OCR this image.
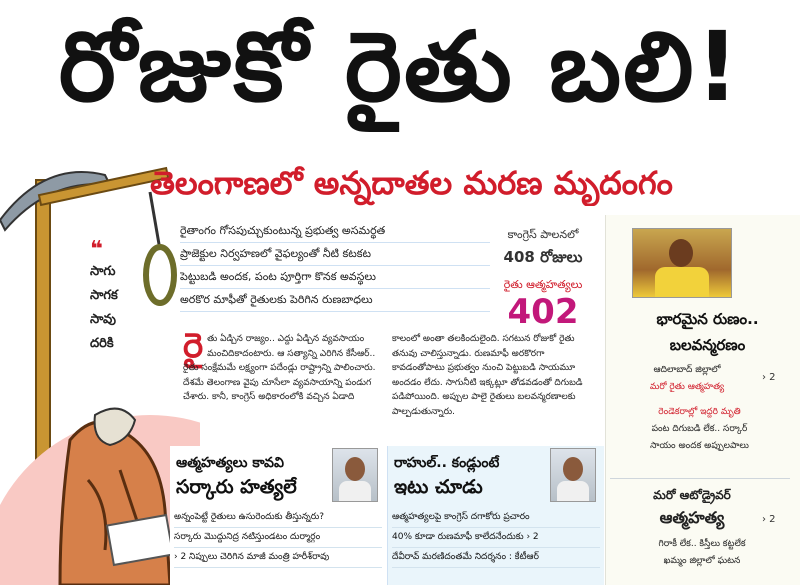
రోజుకో రైతు బలి!
❝
సాగు
సాగక
సావు
దరికి
తెలంగాణలో అన్నదాతల మరణ మృదంగం
రైతాంగం గోసపుచ్చుకుంటున్న ప్రభుత్వ అసమర్థత
ప్రాజెక్టుల నిర్వహణలో వైఫల్యంతో నీటి కటకట
పెట్టుబడి అందక, పంట పూర్తిగా కొనక అవస్థలు
అరకొర మాఫీతో రైతులకు పెరిగిన రుణబాధలు
కాంగ్రెస్ పాలనలో
408 రోజులు
రైతు ఆత్మహత్యలు
402
రై తు ఏడ్చిన రాజ్యం.. ఎద్దు ఏడ్చిన వ్యవసాయం మంచిదికాదంటారు. ఆ సత్యాన్ని ఎరిగిన కేసీఆర్.. రైతు సంక్షేమమే లక్ష్యంగా పదేండ్లు రాష్ట్రాన్ని పాలించారు. దేశమే తెలంగాణ వైపు చూసేలా వ్యవసాయాన్ని పండుగ చేశారు. కానీ, కాంగ్రెస్ అధికారంలోకి వచ్చిన ఏడాది
కాలంలో అంతా తలకిందులైంది. సగటున రోజుకో రైతు తనువు చాలిస్తున్నాడు. రుణమాఫీ అరకొరగా కావడంతోపాటు ప్రభుత్వం నుంచి పెట్టుబడి సాయమూ అందడం లేదు. సాగునీటి ఇక్కట్లూ తోడవడంతో దిగుబడి పడిపోయింది. అప్పుల పాలై రైతులు బలవన్మరణాలకు పాల్పడుతున్నారు.
భారమైన రుణం..
బలవన్మరణం
ఆదిలాబాద్ జిల్లాలో
మరో రైతు ఆత్మహత్య
› 2
రెండెకరాల్లో ఇద్దరి మృతి
పంట దిగుబడి లేక.. సర్కార్
సాయం అందక అప్పులపాలు
మరో ఆటోడ్రైవర్
ఆత్మహత్య	› 2
గిరాకీ లేక.. కిస్తీలు కట్టలేక
ఖమ్మం జిల్లాలో ఘటన
ఆత్మహత్యలు కావవి
సర్కారు హత్యలే
అన్నంపెట్టే రైతులు ఉసురెందుకు తీస్తున్నరు?
సర్కారు మొద్దునిద్ర నటిస్తుండటం దుర్మార్గం
› 2 నిప్పులు చెరిగిన మాజీ మంత్రి హరీశ్‌రావు
రాహుల్.. కండ్లుంటే
ఇటు చూడు
ఆత్మహత్యలపై కాంగ్రెస్ దగాకోరు ప్రచారం
40% కూడా రుణమాఫీ కాలేదనేందుకు › 2
దేవీరావ్ మరణిదంతమే నిదర్శనం : కేటీఆర్
